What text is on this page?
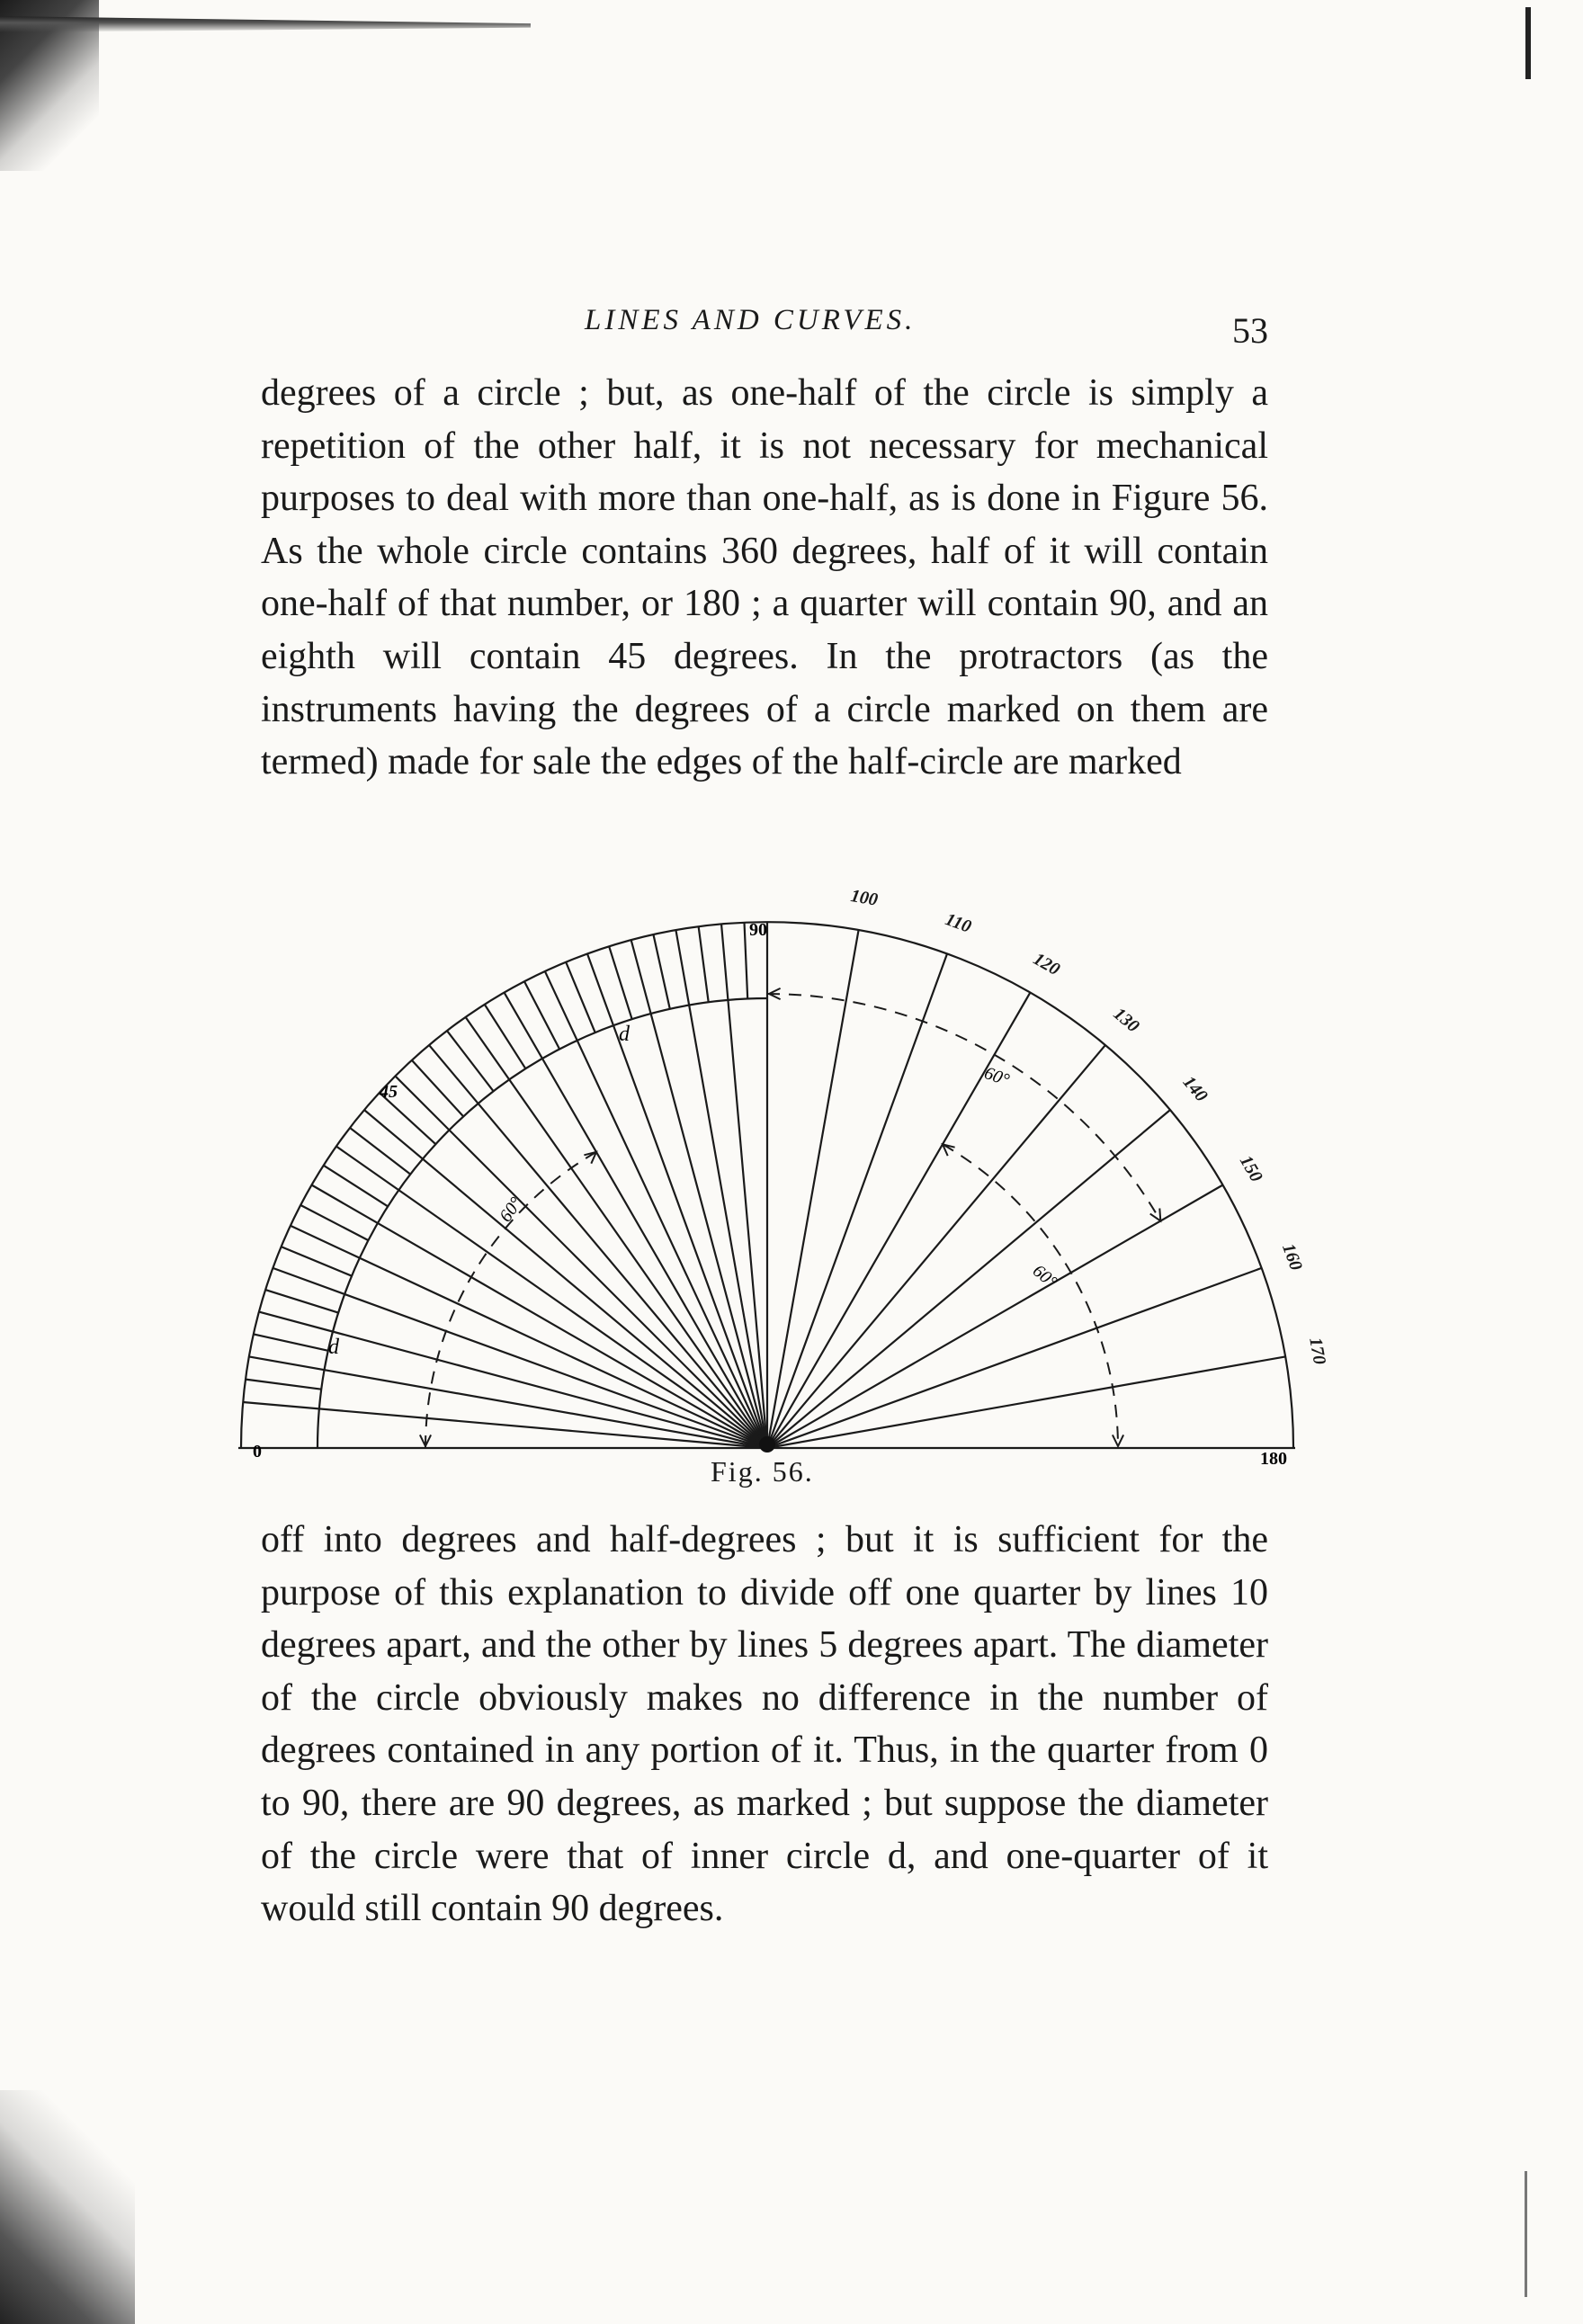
LINES AND CURVES.	53

degrees of a circle ; but, as one-half of the circle is simply a repetition of the other half, it is not necessary for mechanical purposes to deal with more than one-half, as is done in Figure 56. As the whole circle contains 360 degrees, half of it will contain one-half of that number, or 180 ; a quarter will contain 90, and an eighth will contain 45 degrees. In the protractors (as the instruments having the degrees of a circle marked on them are termed) made for sale the edges of the half-circle are marked

0
45
90
180
d
d
60°
60°
60°
100
110
120
130
140
150
160
170
Fig. 56.

off into degrees and half-degrees ; but it is sufficient for the purpose of this explanation to divide off one quarter by lines 10 degrees apart, and the other by lines 5 degrees apart. The diameter of the circle obviously makes no difference in the number of degrees contained in any portion of it. Thus, in the quarter from 0 to 90, there are 90 degrees, as marked ; but suppose the diameter of the circle were that of inner circle d, and one-quarter of it would still contain 90 degrees.
